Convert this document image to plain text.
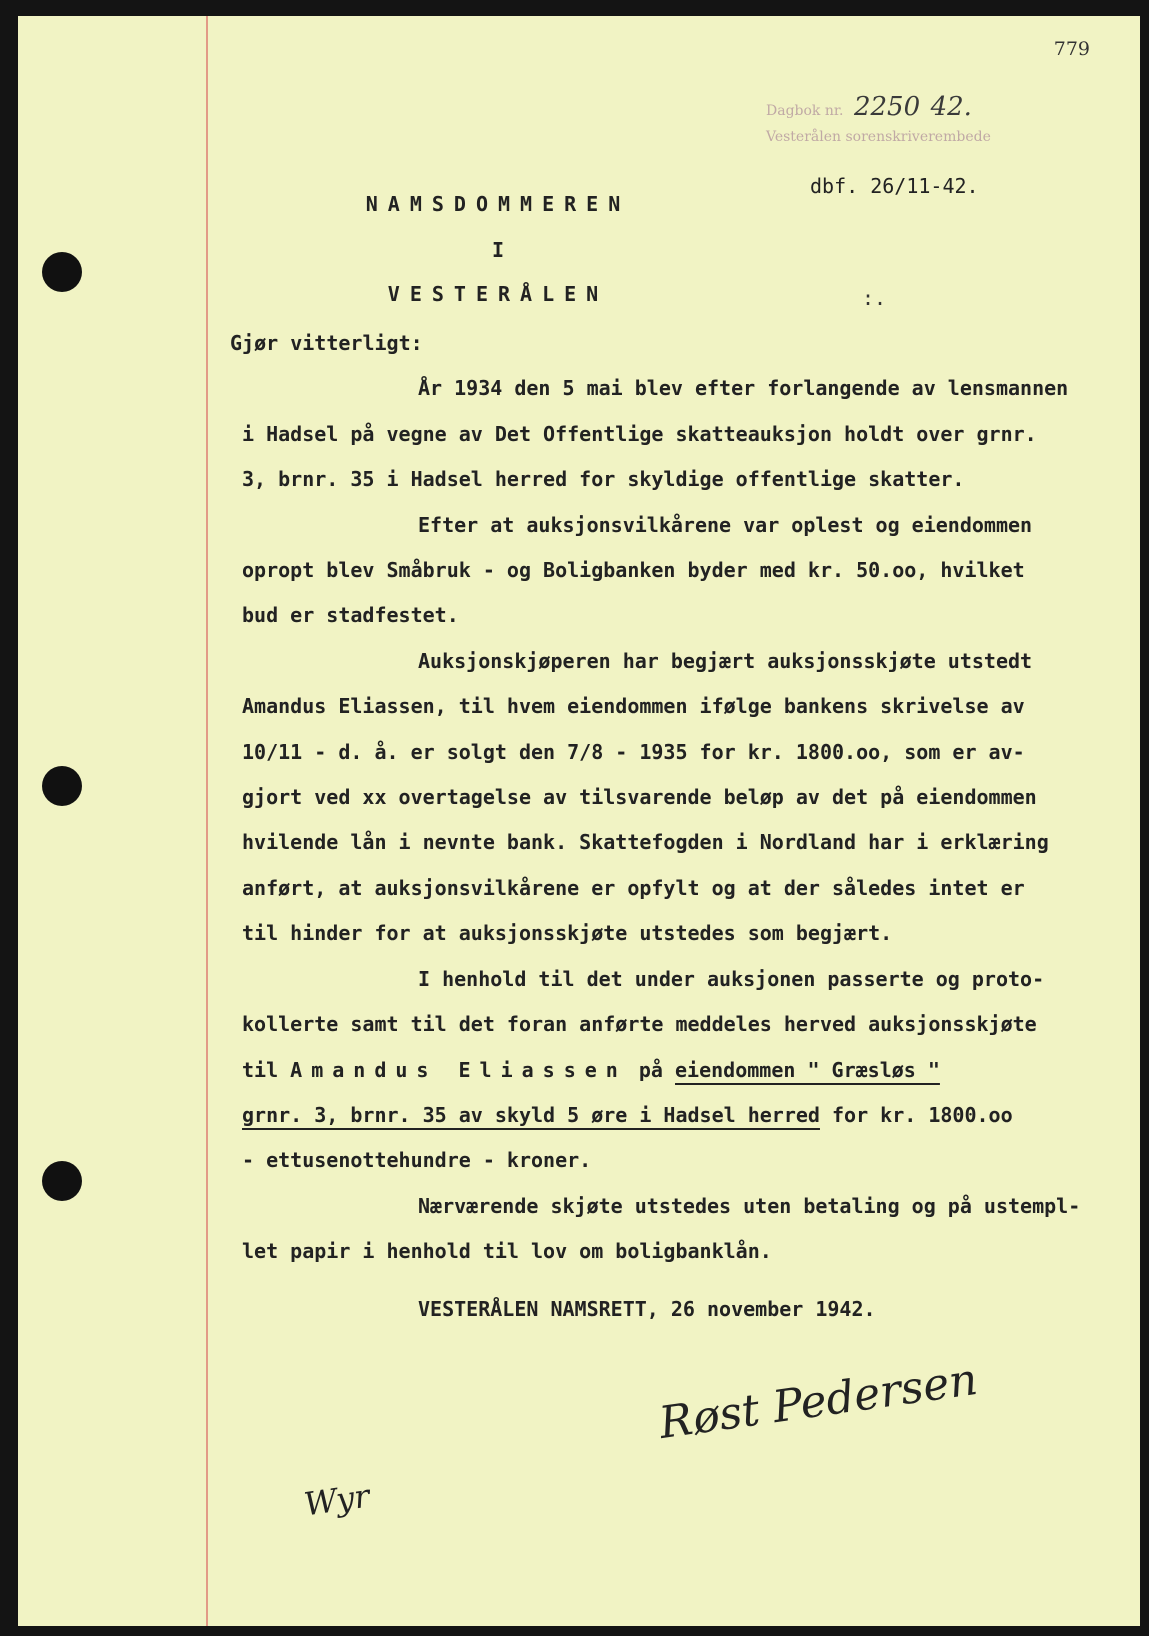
779
Dagbok nr. 2250 42.
Vesterålen sorenskriverembede
dbf. 26/11-42.
NAMSDOMMEREN
I
VESTERÅLEN	:.

Gjør vitterligt:

År 1934 den 5 mai blev efter forlangende av lensmannen

i Hadsel på vegne av Det Offentlige skatteauksjon holdt over grnr.

3, brnr. 35 i Hadsel herred for skyldige offentlige skatter.

Efter at auksjonsvilkårene var oplest og eiendommen

opropt blev Småbruk - og Boligbanken byder med kr. 50.oo, hvilket

bud er stadfestet.

Auksjonskjøperen har begjært auksjonsskjøte utstedt

Amandus Eliassen, til hvem eiendommen ifølge bankens skrivelse av

10/11 - d. å. er solgt den 7/8 - 1935 for kr. 1800.oo, som er av-

gjort ved xx overtagelse av tilsvarende beløp av det på eiendommen

hvilende lån i nevnte bank. Skattefogden i Nordland har i erklæring

anført, at auksjonsvilkårene er opfylt og at der således intet er

til hinder for at auksjonsskjøte utstedes som begjært.

I henhold til det under auksjonen passerte og proto-

kollerte samt til det foran anførte meddeles herved auksjonsskjøte

til Amandus Eliassen på eiendommen " Græsløs "

grnr. 3, brnr. 35 av skyld 5 øre i Hadsel herred for kr. 1800.oo

- ettusenottehundre - kroner.

Nærværende skjøte utstedes uten betaling og på ustempl-

let papir i henhold til lov om boligbanklån.

VESTERÅLEN NAMSRETT, 26 november 1942.

Røst Pedersen
Wyr
